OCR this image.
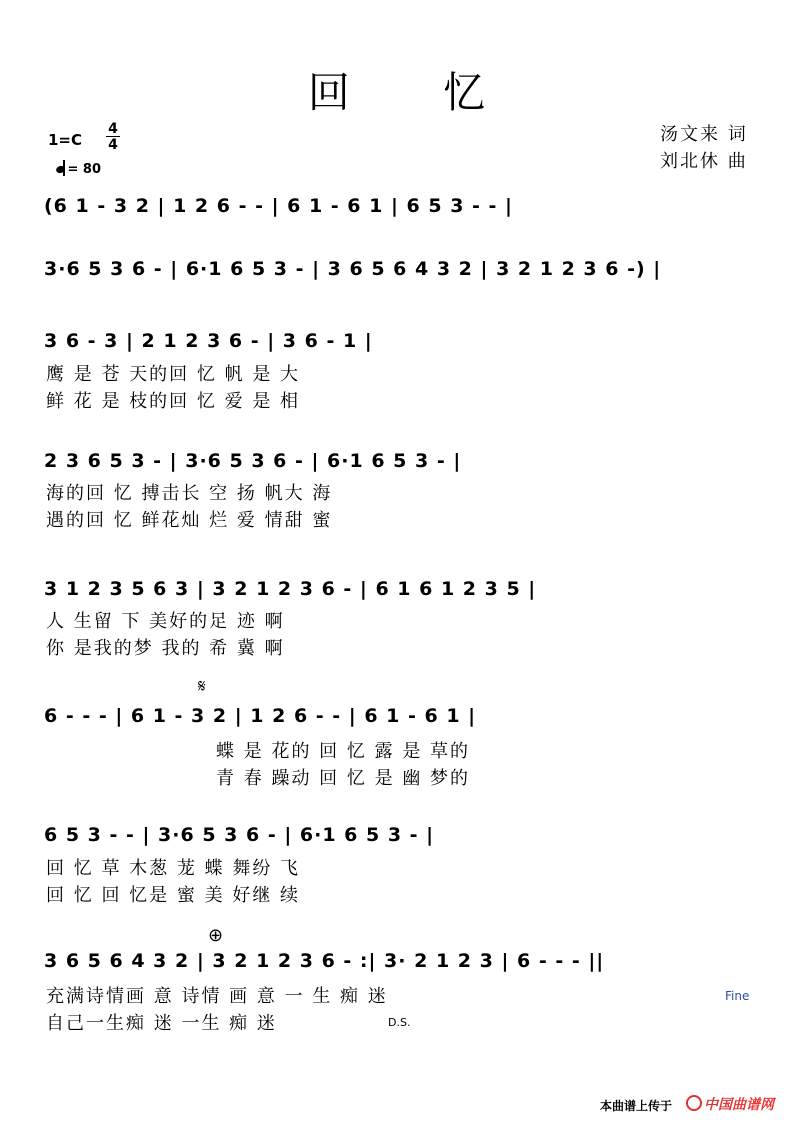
回 忆
1=C
4
4
= 80
汤文来 词
刘北休 曲
(6 1 - 3 2 | 1 2 6 - - | 6 1 - 6 1 | 6 5 3 - - |
3·6 5 3 6 - | 6·1 6 5 3 - | 3 6 5 6 4 3 2 | 3 2 1 2 3 6 -) |
3 6 - 3 | 2 1 2 3 6 - | 3 6 - 1 |
鹰 是 苍 天的回 忆 帆 是 大
鲜 花 是 枝的回 忆 爱 是 相
2 3 6 5 3 - | 3·6 5 3 6 - | 6·1 6 5 3 - |
海的回 忆 搏击长 空 扬 帆大 海
遇的回 忆 鲜花灿 烂 爱 情甜 蜜
3 1 2 3 5 6 3 | 3 2 1 2 3 6 - | 6 1 6 1 2 3 5 |
人 生留 下 美好的足 迹 啊
你 是我的梦 我的 希 冀 啊
𝄋
6 - - - | 6 1 - 3 2 | 1 2 6 - - | 6 1 - 6 1 |
蝶 是 花的 回 忆 露 是 草的
青 春 躁动 回 忆 是 幽 梦的
6 5 3 - - | 3·6 5 3 6 - | 6·1 6 5 3 - |
回 忆 草 木葱 茏 蝶 舞纷 飞
回 忆 回 忆是 蜜 美 好继 续
⊕
3 6 5 6 4 3 2 | 3 2 1 2 3 6 - :| 3· 2 1 2 3 | 6 - - - ||
充满诗情画 意 诗情 画 意 一 生 痴 迷
自己一生痴 迷 一生 痴 迷
Fine
D.S.
本曲谱上传于	中国曲谱网
